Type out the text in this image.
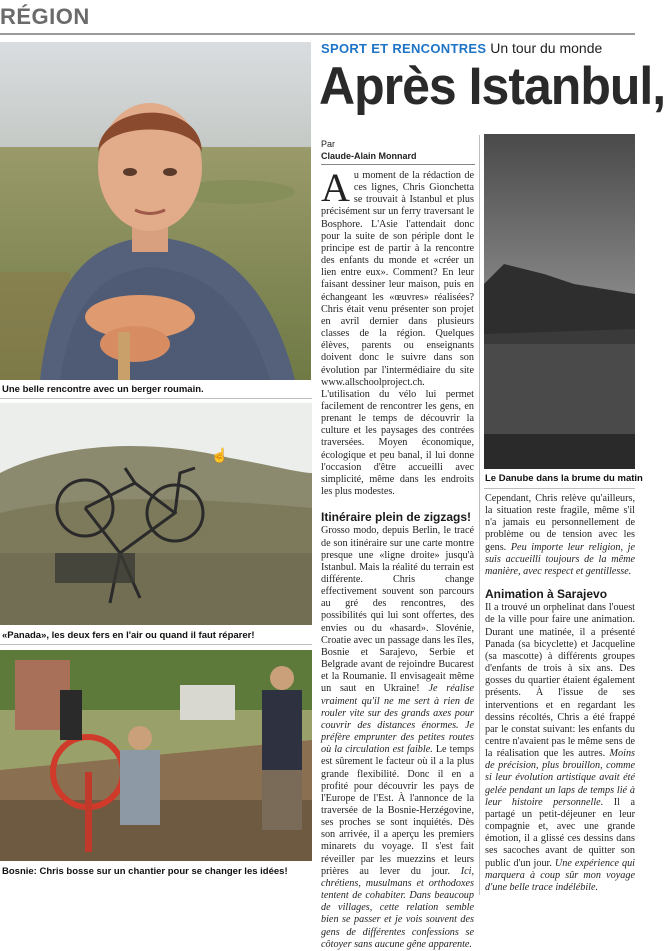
RÉGION
Une belle rencontre avec un berger roumain.
☝
«Panada», les deux fers en l'air ou quand il faut réparer!
Bosnie: Chris bosse sur un chantier pour se changer les idées!
SPORT ET RENCONTRES Un tour du monde
Après Istanbul,
Par
Claude-Alain Monnard

Au moment de la rédaction de ces lignes, Chris Gionchetta se trouvait à Istanbul et plus précisément sur un ferry traversant le Bosphore. L'Asie l'attendait donc pour la suite de son périple dont le principe est de partir à la rencontre des enfants du monde et «créer un lien entre eux». Comment? En leur faisant dessiner leur maison, puis en échangeant les «œuvres» réalisées? Chris était venu présenter son projet en avril dernier dans plusieurs classes de la région. Quelques élèves, parents ou enseignants doivent donc le suivre dans son évolution par l'intermédiaire du site www.allschoolproject.ch. L'utilisation du vélo lui permet facilement de rencontrer les gens, en prenant le temps de découvrir la culture et les paysages des contrées traversées. Moyen économique, écologique et peu banal, il lui donne l'occasion d'être accueilli avec simplicité, même dans les endroits les plus modestes.

Itinéraire plein de zigzags!

Grosso modo, depuis Berlin, le tracé de son itinéraire sur une carte montre presque une «ligne droite» jusqu'à Istanbul. Mais la réalité du terrain est différente. Chris change effectivement souvent son parcours au gré des rencontres, des possibilités qui lui sont offertes, des envies ou du «hasard». Slovénie, Croatie avec un passage dans les îles, Bosnie et Sarajevo, Serbie et Belgrade avant de rejoindre Bucarest et la Roumanie. Il envisageait même un saut en Ukraine! Je réalise vraiment qu'il ne me sert à rien de rouler vite sur des grands axes pour couvrir des distances énormes. Je préfère emprunter des petites routes où la circulation est faible. Le temps est sûrement le facteur où il a la plus grande flexibilité. Donc il en a profité pour découvrir les pays de l'Europe de l'Est. À l'annonce de la traversée de la Bosnie-Herzégovine, ses proches se sont inquiétés. Dès son arrivée, il a aperçu les premiers minarets du voyage. Il s'est fait réveiller par les muezzins et leurs prières au lever du jour. Ici, chrétiens, musulmans et orthodoxes tentent de cohabiter. Dans beaucoup de villages, cette relation semble bien se passer et je vois souvent des gens de différentes confessions se côtoyer sans aucune gêne apparente.

Le Danube dans la brume du matin

Cependant, Chris relève qu'ailleurs, la situation reste fragile, même s'il n'a jamais eu personnellement de problème ou de tension avec les gens. Peu importe leur religion, je suis accueilli toujours de la même manière, avec respect et gentillesse.

Animation à Sarajevo

Il a trouvé un orphelinat dans l'ouest de la ville pour faire une animation. Durant une matinée, il a présenté Panada (sa bicyclette) et Jacqueline (sa mascotte) à différents groupes d'enfants de trois à six ans. Des gosses du quartier étaient également présents. À l'issue de ses interventions et en regardant les dessins récoltés, Chris a été frappé par le constat suivant: les enfants du centre n'avaient pas le même sens de la réalisation que les autres. Moins de précision, plus brouillon, comme si leur évolution artistique avait été gelée pendant un laps de temps lié à leur histoire personnelle. Il a partagé un petit-déjeuner en leur compagnie et, avec une grande émotion, il a glissé ces dessins dans ses sacoches avant de quitter son public d'un jour. Une expérience qui marquera à coup sûr mon voyage d'une belle trace indélébile.
